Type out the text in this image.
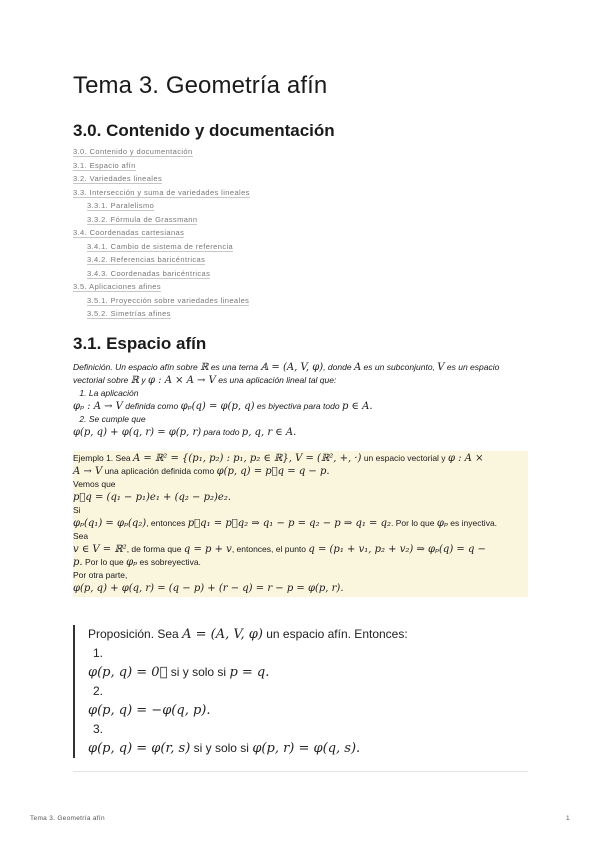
Tema 3. Geometría afín
3.0. Contenido y documentación
3.0. Contenido y documentación
3.1. Espacio afín
3.2. Variedades lineales
3.3. Intersección y suma de variedades lineales
3.3.1. Paralelismo
3.3.2. Fórmula de Grassmann
3.4. Coordenadas cartesianas
3.4.1. Cambio de sistema de referencia
3.4.2. Referencias baricéntricas
3.4.3. Coordenadas baricéntricas
3.5. Aplicaciones afines
3.5.1. Proyección sobre variedades lineales
3.5.2. Simetrías afines
3.1. Espacio afín
Definición. Un espacio afín sobre ℝ es una terna 𝔸 = (A, V, φ), donde A es un subconjunto, V es un espacio vectorial sobre ℝ y φ : A × A → V es una aplicación lineal tal que:
1. La aplicación
φₚ : A → V definida como φₚ(q) = φ(p, q) es biyectiva para todo p ∈ A.
2. Se cumple que
φ(p, q) + φ(q, r) = φ(p, r) para todo p, q, r ∈ A.
Ejemplo 1. Sea A = ℝ² = {(p₁, p₂) : p₁, p₂ ∈ ℝ}, V = (ℝ², +, ·) un espacio vectorial y φ : A ×
A → V una aplicación definida como φ(p, q) = p⃗q = q − p.
Vemos que
p⃗q = (q₁ − p₁)e₁ + (q₂ − p₂)e₂.
Si
φₚ(q₁) = φₚ(q₂), entonces p⃗q₁ = p⃗q₂ ⇒ q₁ − p = q₂ − p ⇒ q₁ = q₂. Por lo que φₚ es inyectiva.
Sea
v ∈ V = ℝ², de forma que q = p + v, entonces, el punto q = (p₁ + v₁, p₂ + v₂) ⇒ φₚ(q) = q −
p. Por lo que φₚ es sobreyectiva.
Por otra parte,
φ(p, q) + φ(q, r) = (q − p) + (r − q) = r − p = φ(p, r).
Proposición. Sea A = (A, V, φ) un espacio afín. Entonces:
1.
φ(p, q) = 0⃗ si y solo si p = q.
2.
φ(p, q) = −φ(q, p).
3.
φ(p, q) = φ(r, s) si y solo si φ(p, r) = φ(q, s).
Tema 3. Geometría afín	1
